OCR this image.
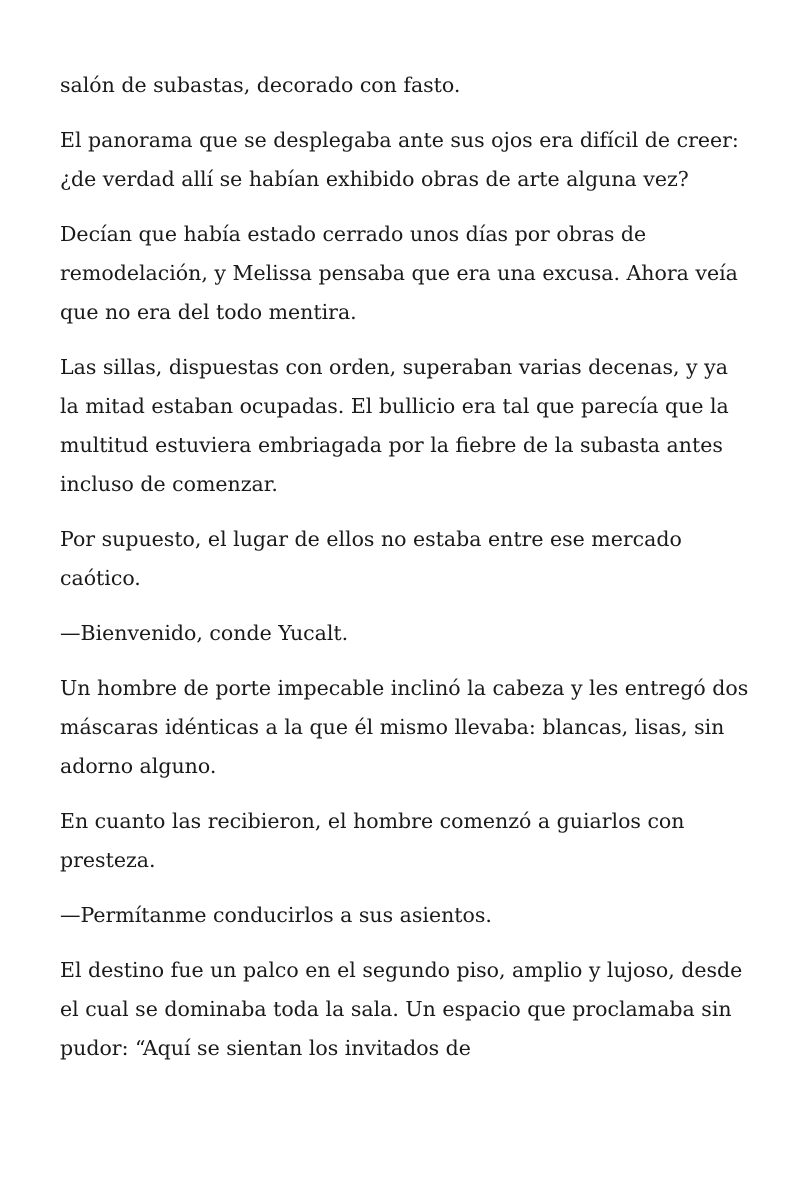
salón de subastas, decorado con fasto.

El panorama que se desplegaba ante sus ojos era difícil de creer: ¿de verdad allí se habían exhibido obras de arte alguna vez?

Decían que había estado cerrado unos días por obras de remodelación, y Melissa pensaba que era una excusa. Ahora veía que no era del todo mentira.

Las sillas, dispuestas con orden, superaban varias decenas, y ya la mitad estaban ocupadas. El bullicio era tal que parecía que la multitud estuviera embriagada por la fiebre de la subasta antes incluso de comenzar.

Por supuesto, el lugar de ellos no estaba entre ese mercado caótico.

—Bienvenido, conde Yucalt.

Un hombre de porte impecable inclinó la cabeza y les entregó dos máscaras idénticas a la que él mismo llevaba: blancas, lisas, sin adorno alguno.

En cuanto las recibieron, el hombre comenzó a guiarlos con presteza.

—Permítanme conducirlos a sus asientos.

El destino fue un palco en el segundo piso, amplio y lujoso, desde el cual se dominaba toda la sala. Un espacio que proclamaba sin pudor: “Aquí se sientan los invitados de
